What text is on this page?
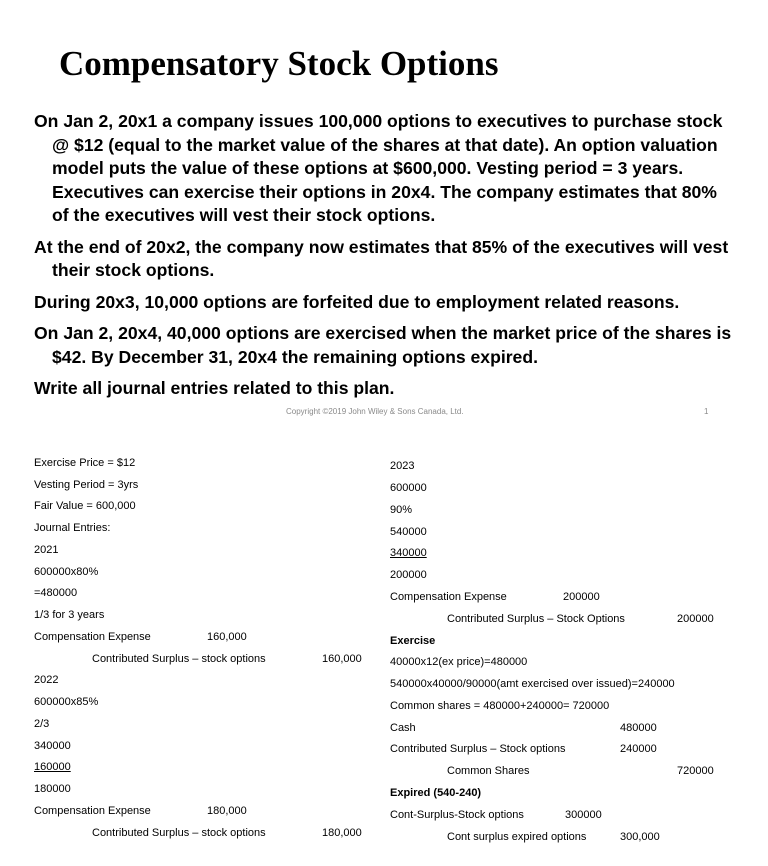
Compensatory Stock Options

On Jan 2, 20x1 a company issues 100,000 options to executives to purchase stock @ $12 (equal to the market value of the shares at that date). An option valuation model puts the value of these options at $600,000. Vesting period = 3 years. Executives can exercise their options in 20x4. The company estimates that 80% of the executives will vest their stock options.

At the end of 20x2, the company now estimates that 85% of the executives will vest their stock options.

During 20x3, 10,000 options are forfeited due to employment related reasons.

On Jan 2, 20x4, 40,000 options are exercised when the market price of the shares is $42. By December 31, 20x4 the remaining options expired.

Write all journal entries related to this plan.

Copyright ©2019 John Wiley & Sons Canada, Ltd.	1
Exercise Price = $12
Vesting Period = 3yrs
Fair Value = 600,000
Journal Entries:
2021
600000x80%
=480000
1/3 for 3 years
Compensation Expense	160,000
Contributed Surplus – stock options	160,000
2022
600000x85%
2/3
340000
160000
180000
Compensation Expense	180,000
Contributed Surplus – stock options	180,000
2023
600000
90%
540000
340000
200000
Compensation Expense	200000
Contributed Surplus – Stock Options	200000
Exercise
40000x12(ex price)=480000
540000x40000/90000(amt exercised over issued)=240000
Common shares = 480000+240000= 720000
Cash	480000
Contributed Surplus – Stock options	240000
Common Shares	720000
Expired (540-240)
Cont-Surplus-Stock options	300000
Cont surplus expired options	300,000
